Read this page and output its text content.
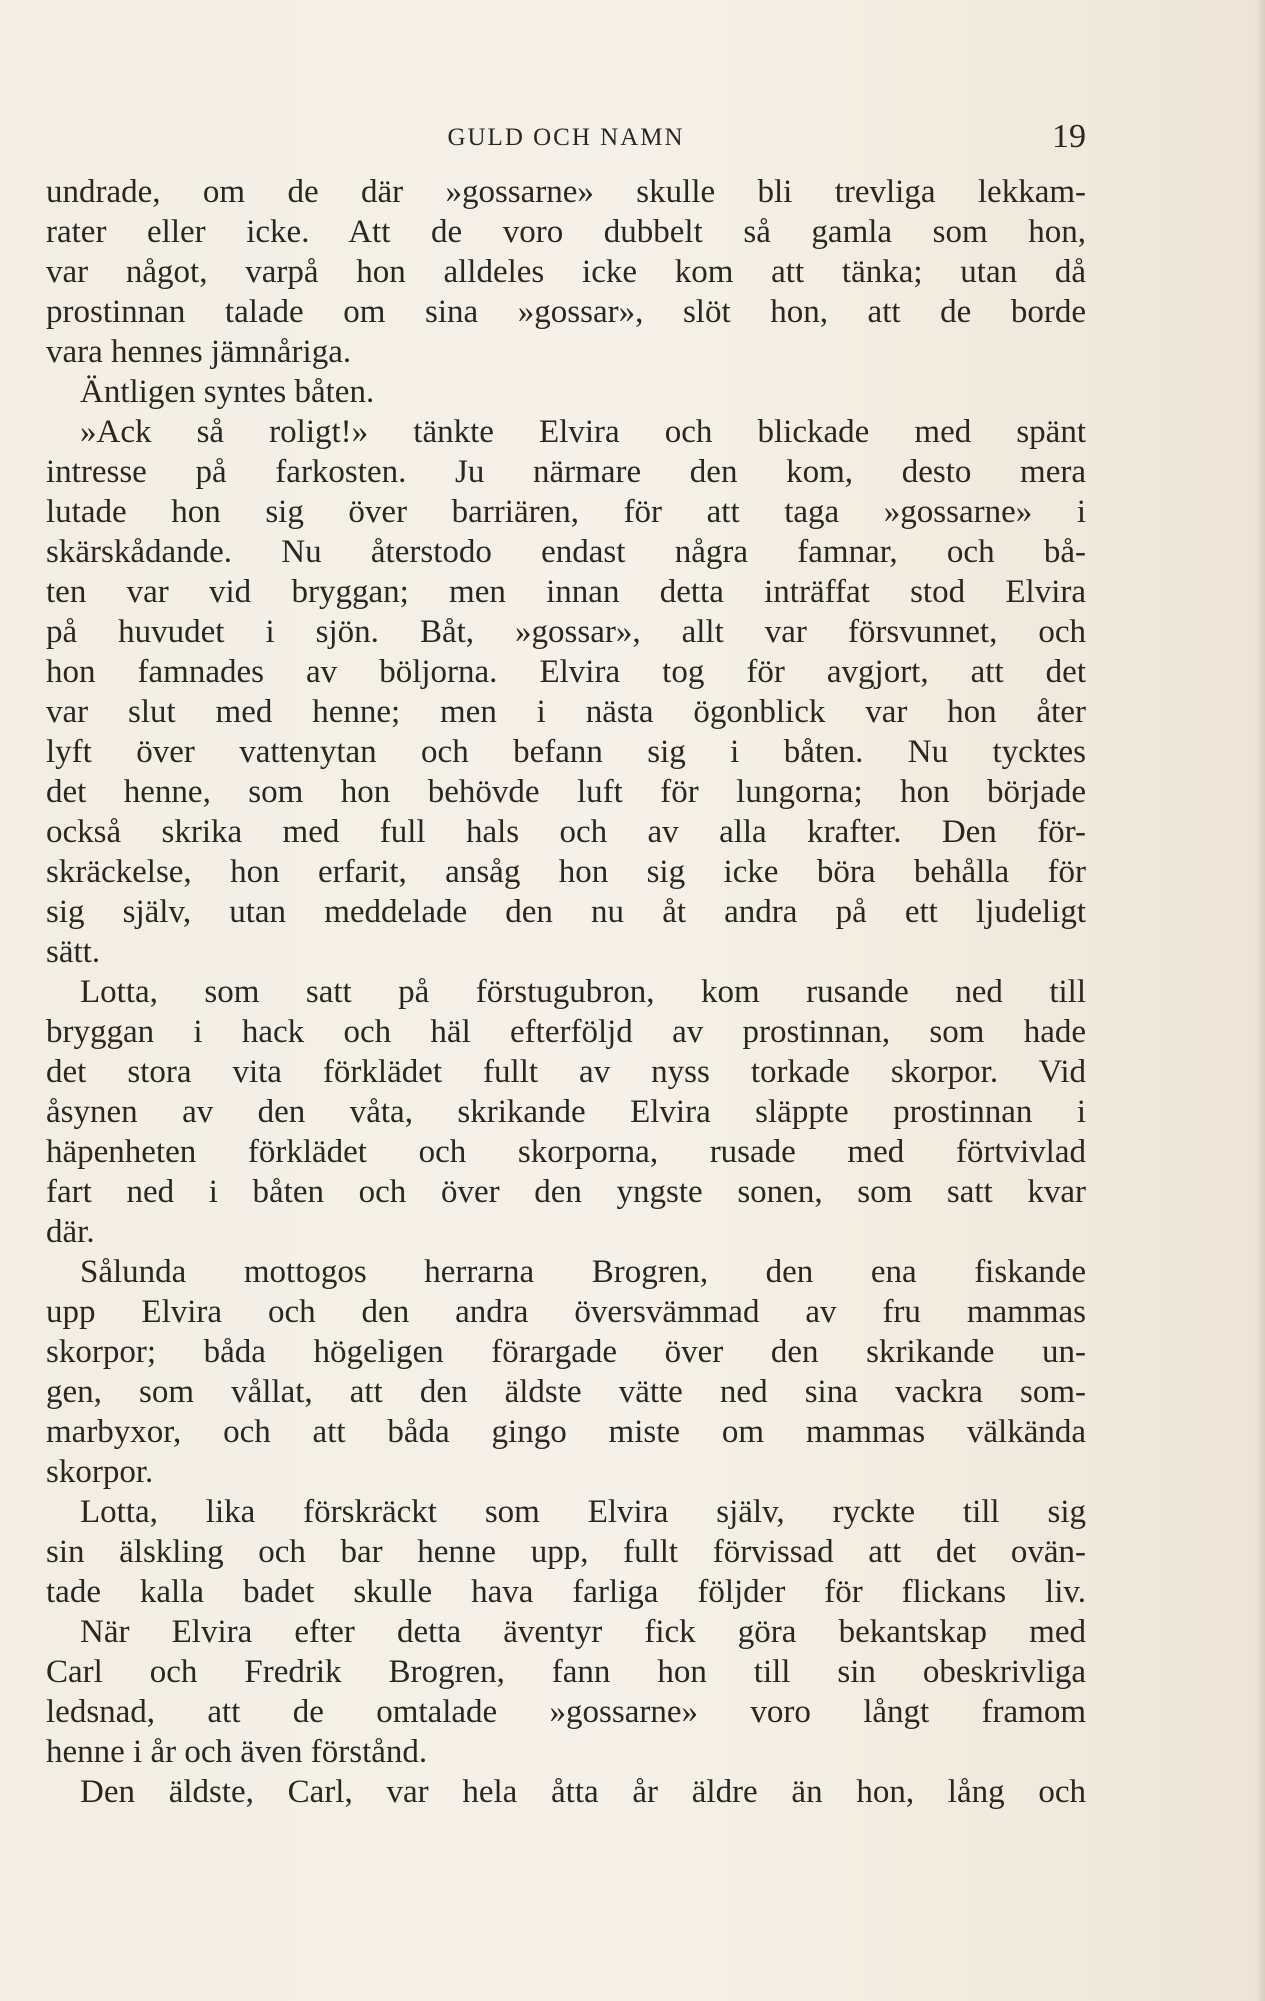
GULD OCH NAMN	19
undrade, om de där »gossarne» skulle bli trevliga lekkam-
rater eller icke. Att de voro dubbelt så gamla som hon,
var något, varpå hon alldeles icke kom att tänka; utan då
prostinnan talade om sina »gossar», slöt hon, att de borde
vara hennes jämnåriga.
Äntligen syntes båten.
»Ack så roligt!» tänkte Elvira och blickade med spänt
intresse på farkosten. Ju närmare den kom, desto mera
lutade hon sig över barriären, för att taga »gossarne» i
skärskådande. Nu återstodo endast några famnar, och bå-
ten var vid bryggan; men innan detta inträffat stod Elvira
på huvudet i sjön. Båt, »gossar», allt var försvunnet, och
hon famnades av böljorna. Elvira tog för avgjort, att det
var slut med henne; men i nästa ögonblick var hon åter
lyft över vattenytan och befann sig i båten. Nu tycktes
det henne, som hon behövde luft för lungorna; hon började
också skrika med full hals och av alla krafter. Den för-
skräckelse, hon erfarit, ansåg hon sig icke böra behålla för
sig själv, utan meddelade den nu åt andra på ett ljudeligt
sätt.
Lotta, som satt på förstugubron, kom rusande ned till
bryggan i hack och häl efterföljd av prostinnan, som hade
det stora vita förklädet fullt av nyss torkade skorpor. Vid
åsynen av den våta, skrikande Elvira släppte prostinnan i
häpenheten förklädet och skorporna, rusade med förtvivlad
fart ned i båten och över den yngste sonen, som satt kvar
där.
Sålunda mottogos herrarna Brogren, den ena fiskande
upp Elvira och den andra översvämmad av fru mammas
skorpor; båda högeligen förargade över den skrikande un-
gen, som vållat, att den äldste vätte ned sina vackra som-
marbyxor, och att båda gingo miste om mammas välkända
skorpor.
Lotta, lika förskräckt som Elvira själv, ryckte till sig
sin älskling och bar henne upp, fullt förvissad att det ovän-
tade kalla badet skulle hava farliga följder för flickans liv.
När Elvira efter detta äventyr fick göra bekantskap med
Carl och Fredrik Brogren, fann hon till sin obeskrivliga
ledsnad, att de omtalade »gossarne» voro långt framom
henne i år och även förstånd.
Den äldste, Carl, var hela åtta år äldre än hon, lång och
